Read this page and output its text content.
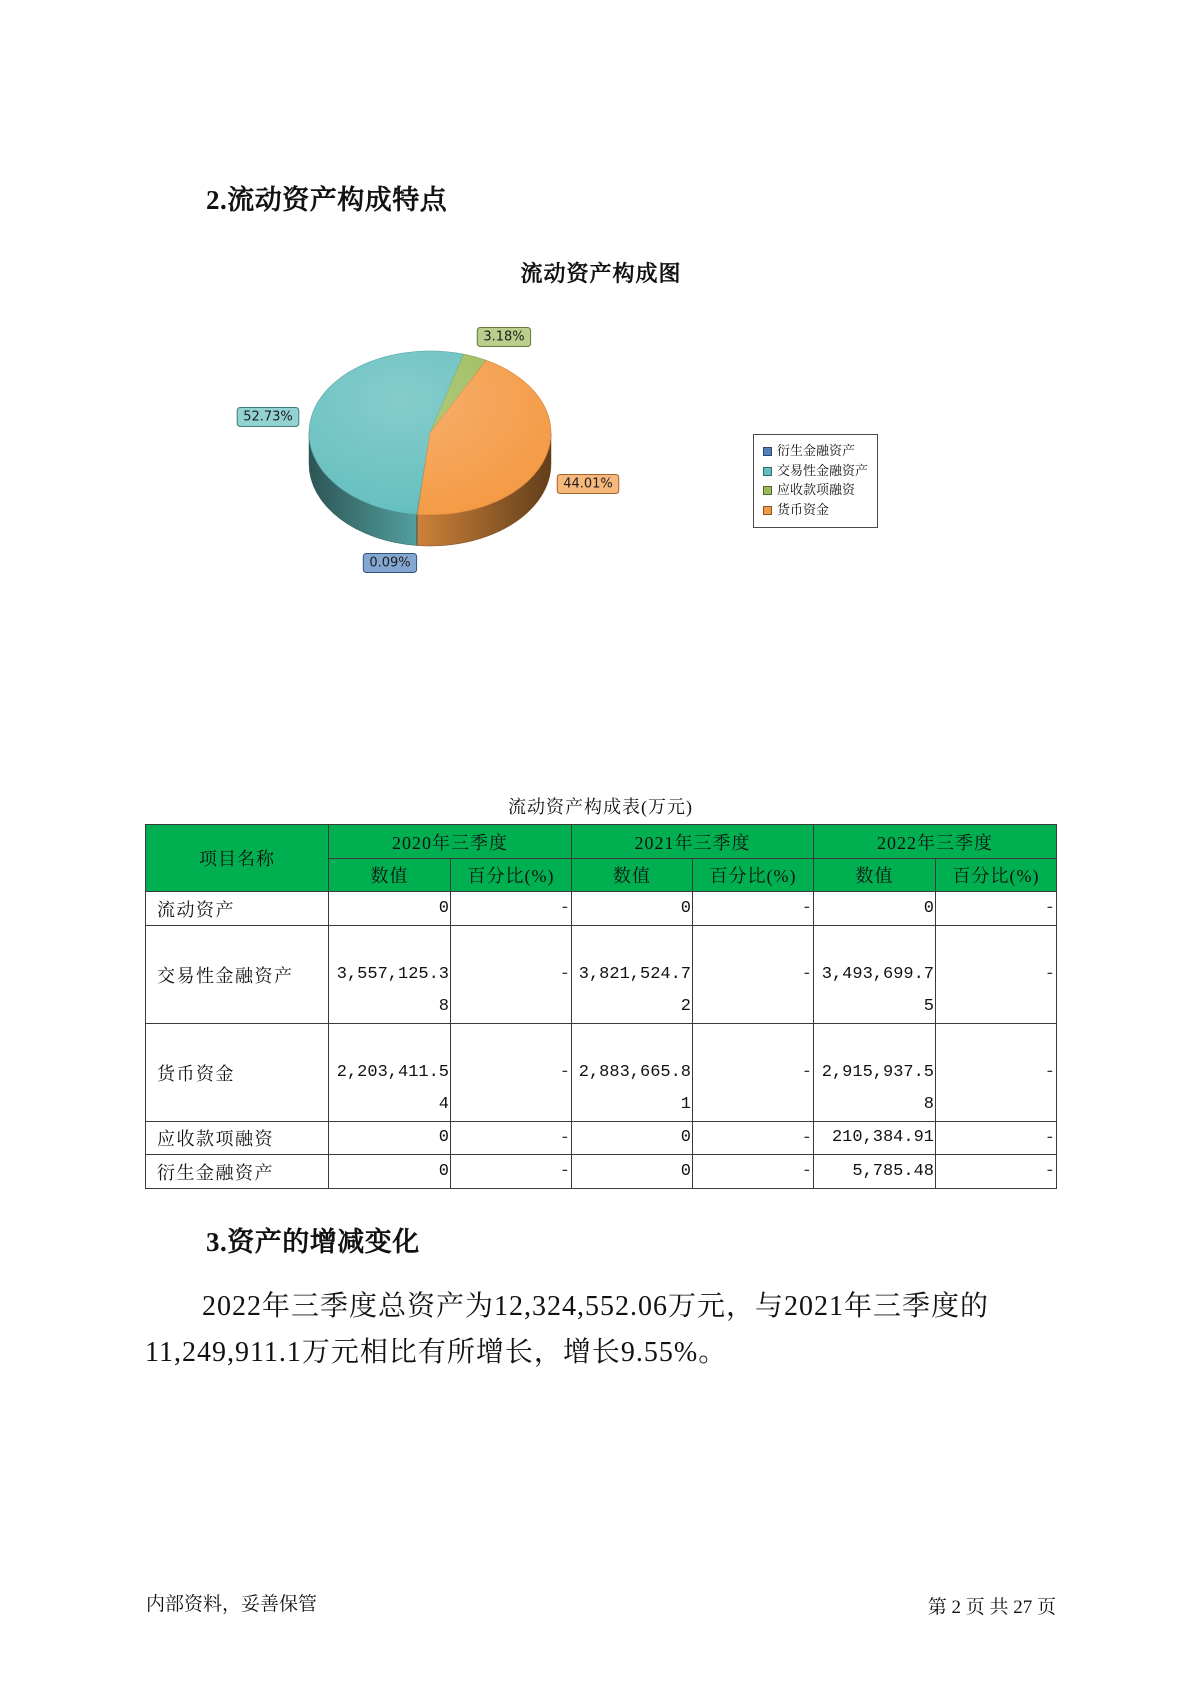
2.流动资产构成特点
流动资产构成图
0.09%
52.73%
3.18%
44.01%
衍生金融资产
交易性金融资产
应收款项融资
货币资金
流动资产构成表(万元)
项目名称	2020年三季度		2021年三季度		2022年三季度	
	数值	百分比(%)	数值	百分比(%)	数值	百分比(%)
流动资产	0	-	0	-	0	-
交易性金融资产	3,557,125.38	-	3,821,524.72	-	3,493,699.75	-
货币资金	2,203,411.54	-	2,883,665.81	-	2,915,937.58	-
应收款项融资	0	-	0	-	210,384.91	-
衍生金融资产	0	-	0	-	5,785.48	-
3.资产的增减变化

2022年三季度总资产为12,324,552.06万元，与2021年三季度的11,249,911.1万元相比有所增长，增长9.55%。

内部资料，妥善保管	第 2 页 共 27 页
